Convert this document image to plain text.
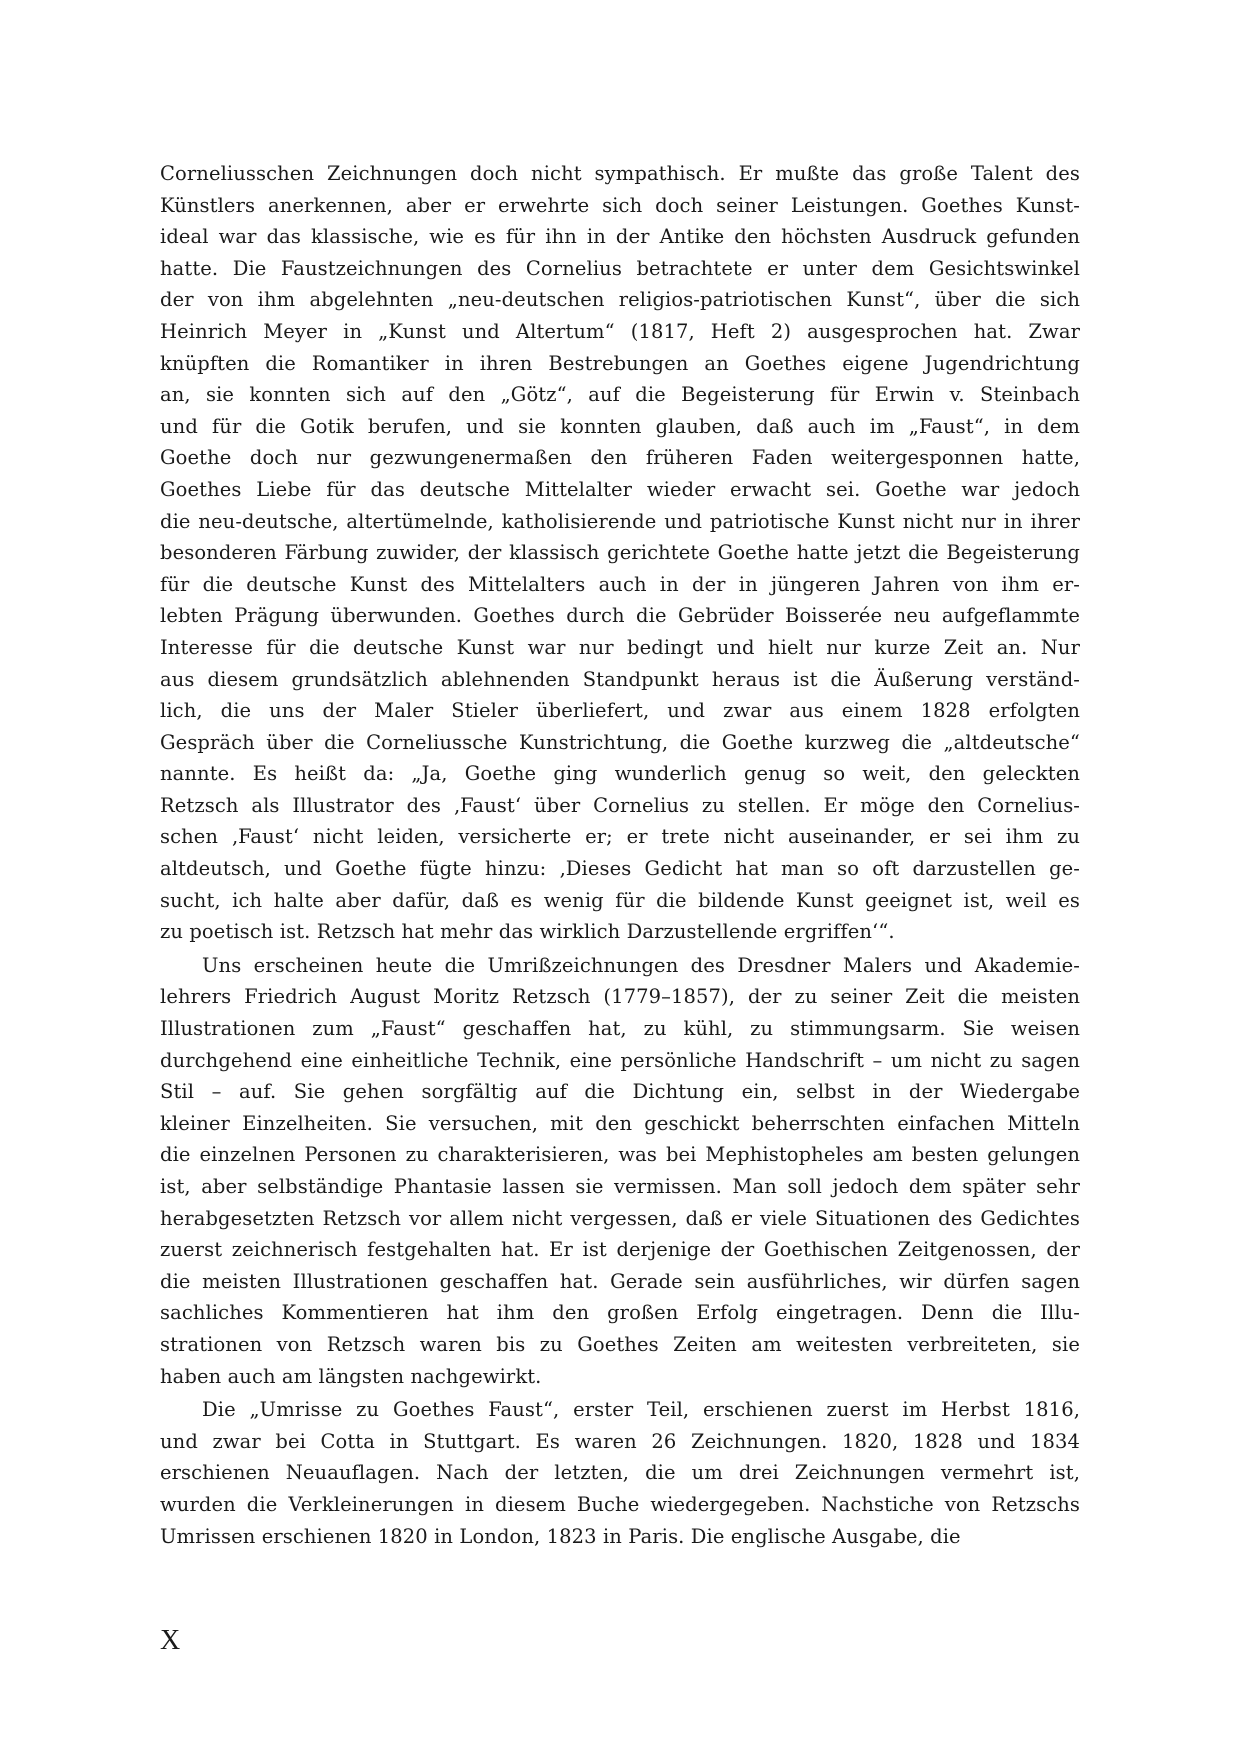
Corneliusschen Zeichnungen doch nicht sympathisch. Er mußte das große Talent des
Künstlers anerkennen, aber er erwehrte sich doch seiner Leistungen. Goethes Kunst-
ideal war das klassische, wie es für ihn in der Antike den höchsten Ausdruck gefunden
hatte. Die Faustzeichnungen des Cornelius betrachtete er unter dem Gesichtswinkel
der von ihm abgelehnten „neu-deutschen religios-patriotischen Kunst“, über die sich
Heinrich Meyer in „Kunst und Altertum“ (1817, Heft 2) ausgesprochen hat. Zwar
knüpften die Romantiker in ihren Bestrebungen an Goethes eigene Jugendrichtung
an, sie konnten sich auf den „Götz“, auf die Begeisterung für Erwin v. Steinbach
und für die Gotik berufen, und sie konnten glauben, daß auch im „Faust“, in dem
Goethe doch nur gezwungenermaßen den früheren Faden weitergesponnen hatte,
Goethes Liebe für das deutsche Mittelalter wieder erwacht sei. Goethe war jedoch
die neu-deutsche, altertümelnde, katholisierende und patriotische Kunst nicht nur in ihrer
besonderen Färbung zuwider, der klassisch gerichtete Goethe hatte jetzt die Begeisterung
für die deutsche Kunst des Mittelalters auch in der in jüngeren Jahren von ihm er-
lebten Prägung überwunden. Goethes durch die Gebrüder Boisserée neu aufgeflammte
Interesse für die deutsche Kunst war nur bedingt und hielt nur kurze Zeit an. Nur
aus diesem grundsätzlich ablehnenden Standpunkt heraus ist die Äußerung verständ-
lich, die uns der Maler Stieler überliefert, und zwar aus einem 1828 erfolgten
Gespräch über die Corneliussche Kunstrichtung, die Goethe kurzweg die „altdeutsche“
nannte. Es heißt da: „Ja, Goethe ging wunderlich genug so weit, den geleckten
Retzsch als Illustrator des ‚Faust‘ über Cornelius zu stellen. Er möge den Cornelius-
schen ‚Faust‘ nicht leiden, versicherte er; er trete nicht auseinander, er sei ihm zu
altdeutsch, und Goethe fügte hinzu: ‚Dieses Gedicht hat man so oft darzustellen ge-
sucht, ich halte aber dafür, daß es wenig für die bildende Kunst geeignet ist, weil es
zu poetisch ist. Retzsch hat mehr das wirklich Darzustellende ergriffen‘“.
Uns erscheinen heute die Umrißzeichnungen des Dresdner Malers und Akademie-
lehrers Friedrich August Moritz Retzsch (1779–1857), der zu seiner Zeit die meisten
Illustrationen zum „Faust“ geschaffen hat, zu kühl, zu stimmungsarm. Sie weisen
durchgehend eine einheitliche Technik, eine persönliche Handschrift – um nicht zu sagen
Stil – auf. Sie gehen sorgfältig auf die Dichtung ein, selbst in der Wiedergabe
kleiner Einzelheiten. Sie versuchen, mit den geschickt beherrschten einfachen Mitteln
die einzelnen Personen zu charakterisieren, was bei Mephistopheles am besten gelungen
ist, aber selbständige Phantasie lassen sie vermissen. Man soll jedoch dem später sehr
herabgesetzten Retzsch vor allem nicht vergessen, daß er viele Situationen des Gedichtes
zuerst zeichnerisch festgehalten hat. Er ist derjenige der Goethischen Zeitgenossen, der
die meisten Illustrationen geschaffen hat. Gerade sein ausführliches, wir dürfen sagen
sachliches Kommentieren hat ihm den großen Erfolg eingetragen. Denn die Illu-
strationen von Retzsch waren bis zu Goethes Zeiten am weitesten verbreiteten, sie
haben auch am längsten nachgewirkt.
Die „Umrisse zu Goethes Faust“, erster Teil, erschienen zuerst im Herbst 1816,
und zwar bei Cotta in Stuttgart. Es waren 26 Zeichnungen. 1820, 1828 und 1834
erschienen Neuauflagen. Nach der letzten, die um drei Zeichnungen vermehrt ist,
wurden die Verkleinerungen in diesem Buche wiedergegeben. Nachstiche von Retzschs
Umrissen erschienen 1820 in London, 1823 in Paris. Die englische Ausgabe, die
X
